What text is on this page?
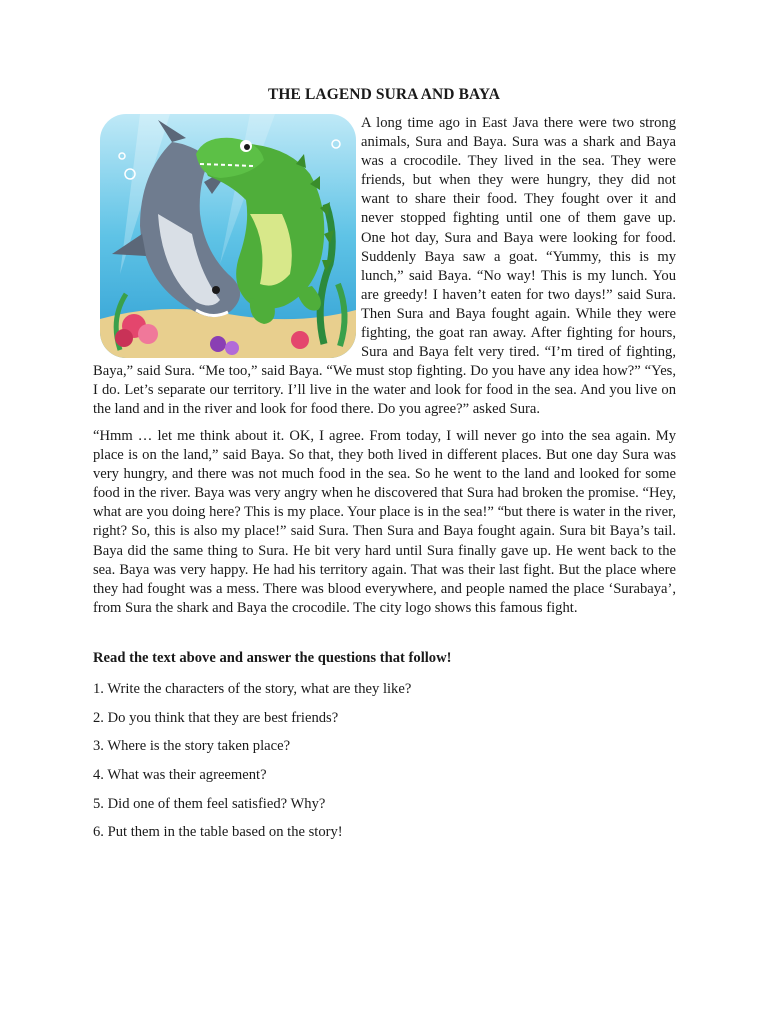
THE LAGEND SURA AND BAYA

A long time ago in East Java there were two strong animals, Sura and Baya. Sura was a shark and Baya was a crocodile. They lived in the sea. They were friends, but when they were hungry, they did not want to share their food. They fought over it and never stopped fighting until one of them gave up. One hot day, Sura and Baya were looking for food. Suddenly Baya saw a goat. “Yummy, this is my lunch,” said Baya. “No way! This is my lunch. You are greedy! I haven’t eaten for two days!” said Sura. Then Sura and Baya fought again. While they were fighting, the goat ran away. After fighting for hours, Sura and Baya felt very tired. “I’m tired of fighting, Baya,” said Sura. “Me too,” said Baya. “We must stop fighting. Do you have any idea how?” “Yes, I do. Let’s separate our territory. I’ll live in the water and look for food in the sea. And you live on the land and in the river and look for food there. Do you agree?” asked Sura.

“Hmm … let me think about it. OK, I agree. From today, I will never go into the sea again. My place is on the land,” said Baya. So that, they both lived in different places. But one day Sura was very hungry, and there was not much food in the sea. So he went to the land and looked for some food in the river. Baya was very angry when he discovered that Sura had broken the promise. “Hey, what are you doing here? This is my place. Your place is in the sea!” “but there is water in the river, right? So, this is also my place!” said Sura. Then Sura and Baya fought again. Sura bit Baya’s tail. Baya did the same thing to Sura. He bit very hard until Sura finally gave up. He went back to the sea. Baya was very happy. He had his territory again. That was their last fight. But the place where they had fought was a mess. There was blood everywhere, and people named the place ‘Surabaya’, from Sura the shark and Baya the crocodile. The city logo shows this famous fight.

Read the text above and answer the questions that follow!
1. Write the characters of the story, what are they like?
2. Do you think that they are best friends?
3. Where is the story taken place?
4. What was their agreement?
5. Did one of them feel satisfied? Why?
6. Put them in the table based on the story!
